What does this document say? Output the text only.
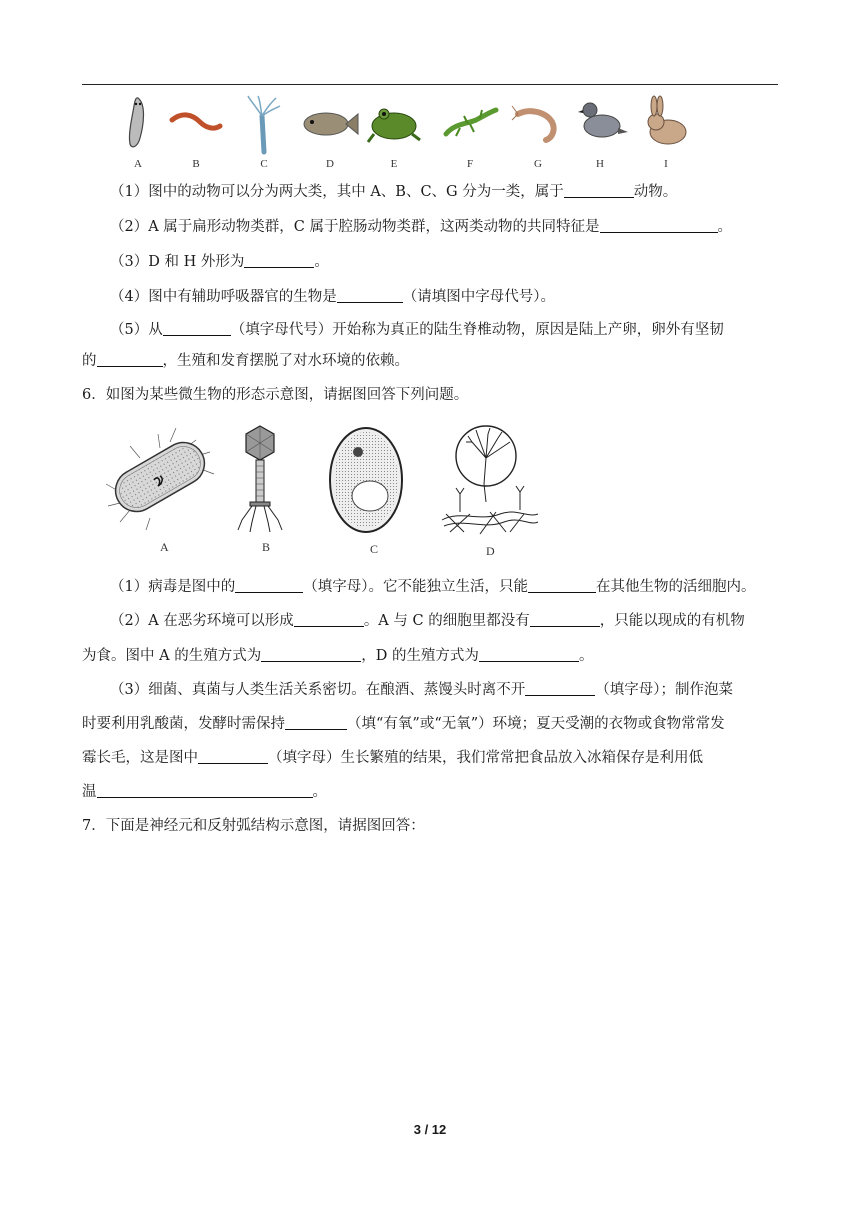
A	B	C	D	E	F	G	H	I
（1）图中的动物可以分为两大类，其中 A、B、C、G 分为一类，属于	动物。
（2）A 属于扁形动物类群，C 属于腔肠动物类群，这两类动物的共同特征是	。
（3）D 和 H 外形为	。
（4）图中有辅助呼吸器官的生物是	（请填图中字母代号）。
（5）从	（填字母代号）开始称为真正的陆生脊椎动物，原因是陆上产卵，卵外有坚韧
的	，生殖和发育摆脱了对水环境的依赖。
6．如图为某些微生物的形态示意图，请据图回答下列问题。
A	B	C	D
（1）病毒是图中的	（填字母）。它不能独立生活，只能	在其他生物的活细胞内。
（2）A 在恶劣环境可以形成	。A 与 C 的细胞里都没有	，只能以现成的有机物
为食。图中 A 的生殖方式为	，D 的生殖方式为	。
（3）细菌、真菌与人类生活关系密切。在酿酒、蒸馒头时离不开	（填字母）；制作泡菜
时要利用乳酸菌，发酵时需保持	（填“有氧”或“无氧”）环境；夏天受潮的衣物或食物常常发
霉长毛，这是图中	（填字母）生长繁殖的结果，我们常常把食品放入冰箱保存是利用低
温	。
7．下面是神经元和反射弧结构示意图，请据图回答：
3 / 12
